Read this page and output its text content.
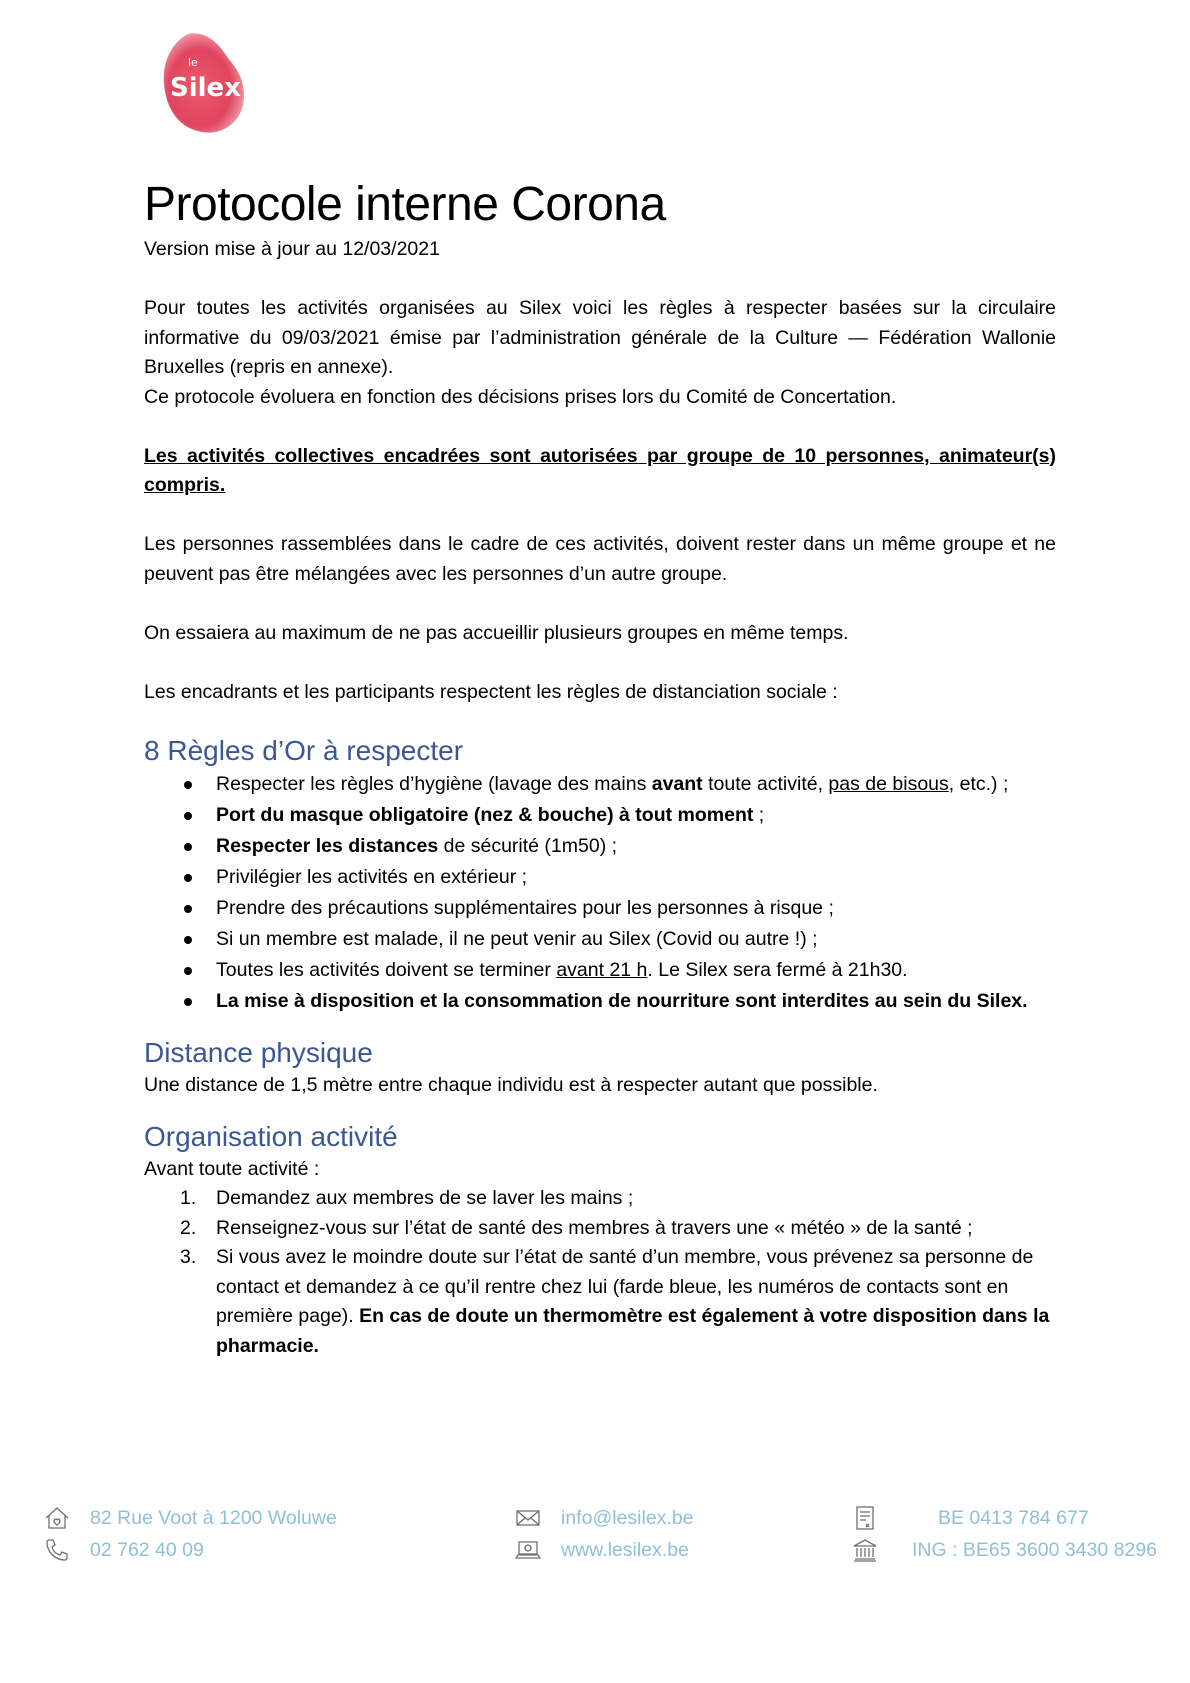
le
Silex
Protocole interne Corona

Version mise à jour au 12/03/2021

Pour toutes les activités organisées au Silex voici les règles à respecter basées sur la circulaire informative du 09/03/2021 émise par l’administration générale de la Culture — Fédération Wallonie Bruxelles (repris en annexe).

Ce protocole évoluera en fonction des décisions prises lors du Comité de Concertation.

Les activités collectives encadrées sont autorisées par groupe de 10 personnes, animateur(s) compris.

Les personnes rassemblées dans le cadre de ces activités, doivent rester dans un même groupe et ne peuvent pas être mélangées avec les personnes d’un autre groupe.

On essaiera au maximum de ne pas accueillir plusieurs groupes en même temps.

Les encadrants et les participants respectent les règles de distanciation sociale :

8 Règles d’Or à respecter
Respecter les règles d’hygiène (lavage des mains avant toute activité, pas de bisous, etc.) ;
Port du masque obligatoire (nez & bouche) à tout moment ;
Respecter les distances de sécurité (1m50) ;
Privilégier les activités en extérieur ;
Prendre des précautions supplémentaires pour les personnes à risque ;
Si un membre est malade, il ne peut venir au Silex (Covid ou autre !) ;
Toutes les activités doivent se terminer avant 21 h. Le Silex sera fermé à 21h30.
La mise à disposition et la consommation de nourriture sont interdites au sein du Silex.
Distance physique

Une distance de 1,5 mètre entre chaque individu est à respecter autant que possible.

Organisation activité

Avant toute activité :

1. Demandez aux membres de se laver les mains ;
2. Renseignez-vous sur l’état de santé des membres à travers une « météo » de la santé ;
3. Si vous avez le moindre doute sur l’état de santé d’un membre, vous prévenez sa personne de contact et demandez à ce qu’il rentre chez lui (farde bleue, les numéros de contacts sont en première page). En cas de doute un thermomètre est également à votre disposition dans la pharmacie.
82 Rue Voot à 1200 Woluwe
02 762 40 09
info@lesilex.be
www.lesilex.be
BE 0413 784 677
ING : BE65 3600 3430 8296
